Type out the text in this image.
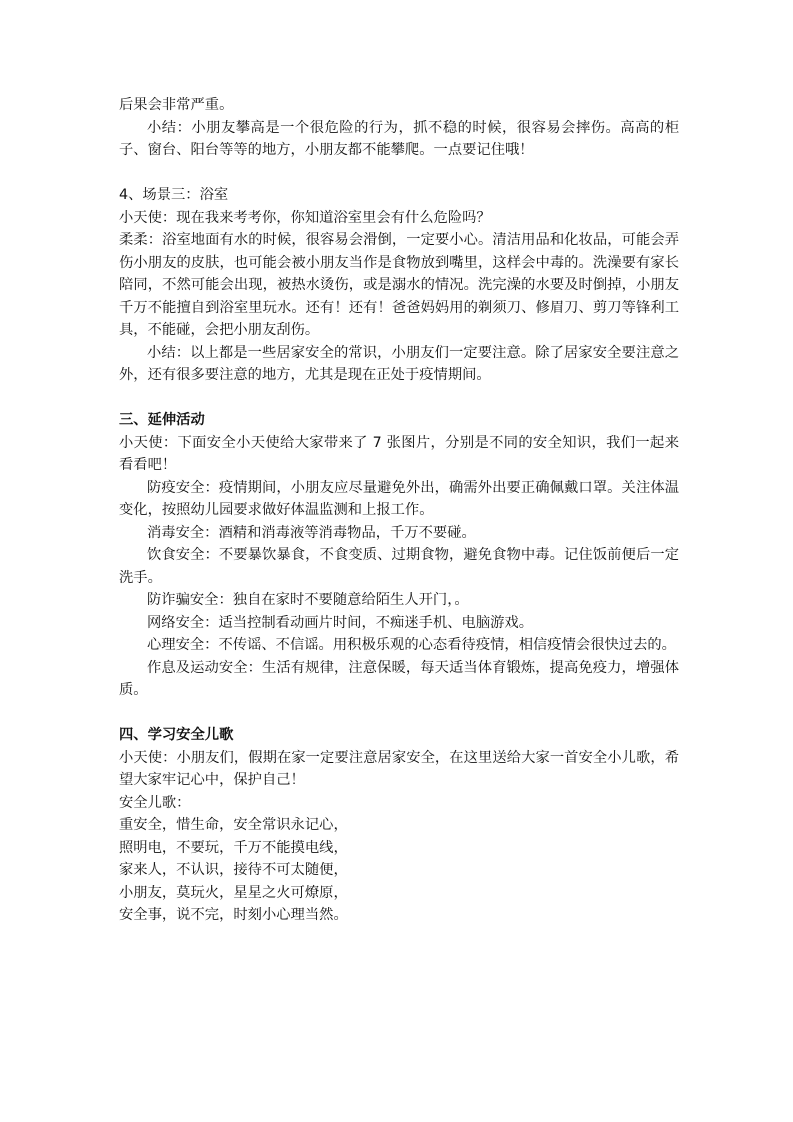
后果会非常严重。

小结：小朋友攀高是一个很危险的行为，抓不稳的时候，很容易会摔伤。高高的柜子、窗台、阳台等等的地方，小朋友都不能攀爬。一点要记住哦！

4、场景三：浴室

小天使：现在我来考考你，你知道浴室里会有什么危险吗？

柔柔：浴室地面有水的时候，很容易会滑倒，一定要小心。清洁用品和化妆品，可能会弄伤小朋友的皮肤，也可能会被小朋友当作是食物放到嘴里，这样会中毒的。洗澡要有家长陪同，不然可能会出现，被热水烫伤，或是溺水的情况。洗完澡的水要及时倒掉，小朋友千万不能擅自到浴室里玩水。还有！还有！爸爸妈妈用的剃须刀、修眉刀、剪刀等锋利工具，不能碰，会把小朋友刮伤。

小结：以上都是一些居家安全的常识，小朋友们一定要注意。除了居家安全要注意之外，还有很多要注意的地方，尤其是现在正处于疫情期间。

三、延伸活动

小天使：下面安全小天使给大家带来了 7 张图片，分别是不同的安全知识，我们一起来看看吧！

防疫安全：疫情期间，小朋友应尽量避免外出，确需外出要正确佩戴口罩。关注体温变化，按照幼儿园要求做好体温监测和上报工作。

消毒安全：酒精和消毒液等消毒物品，千万不要碰。

饮食安全：不要暴饮暴食，不食变质、过期食物，避免食物中毒。记住饭前便后一定洗手。

防诈骗安全：独自在家时不要随意给陌生人开门，。

网络安全：适当控制看动画片时间，不痴迷手机、电脑游戏。

心理安全：不传谣、不信谣。用积极乐观的心态看待疫情，相信疫情会很快过去的。

作息及运动安全：生活有规律，注意保暖，每天适当体育锻炼，提高免疫力，增强体质。

四、学习安全儿歌

小天使：小朋友们，假期在家一定要注意居家安全，在这里送给大家一首安全小儿歌，希望大家牢记心中，保护自己！

安全儿歌：

重安全，惜生命，安全常识永记心，

照明电，不要玩，千万不能摸电线，

家来人，不认识，接待不可太随便，

小朋友，莫玩火，星星之火可燎原，

安全事，说不完，时刻小心理当然。
